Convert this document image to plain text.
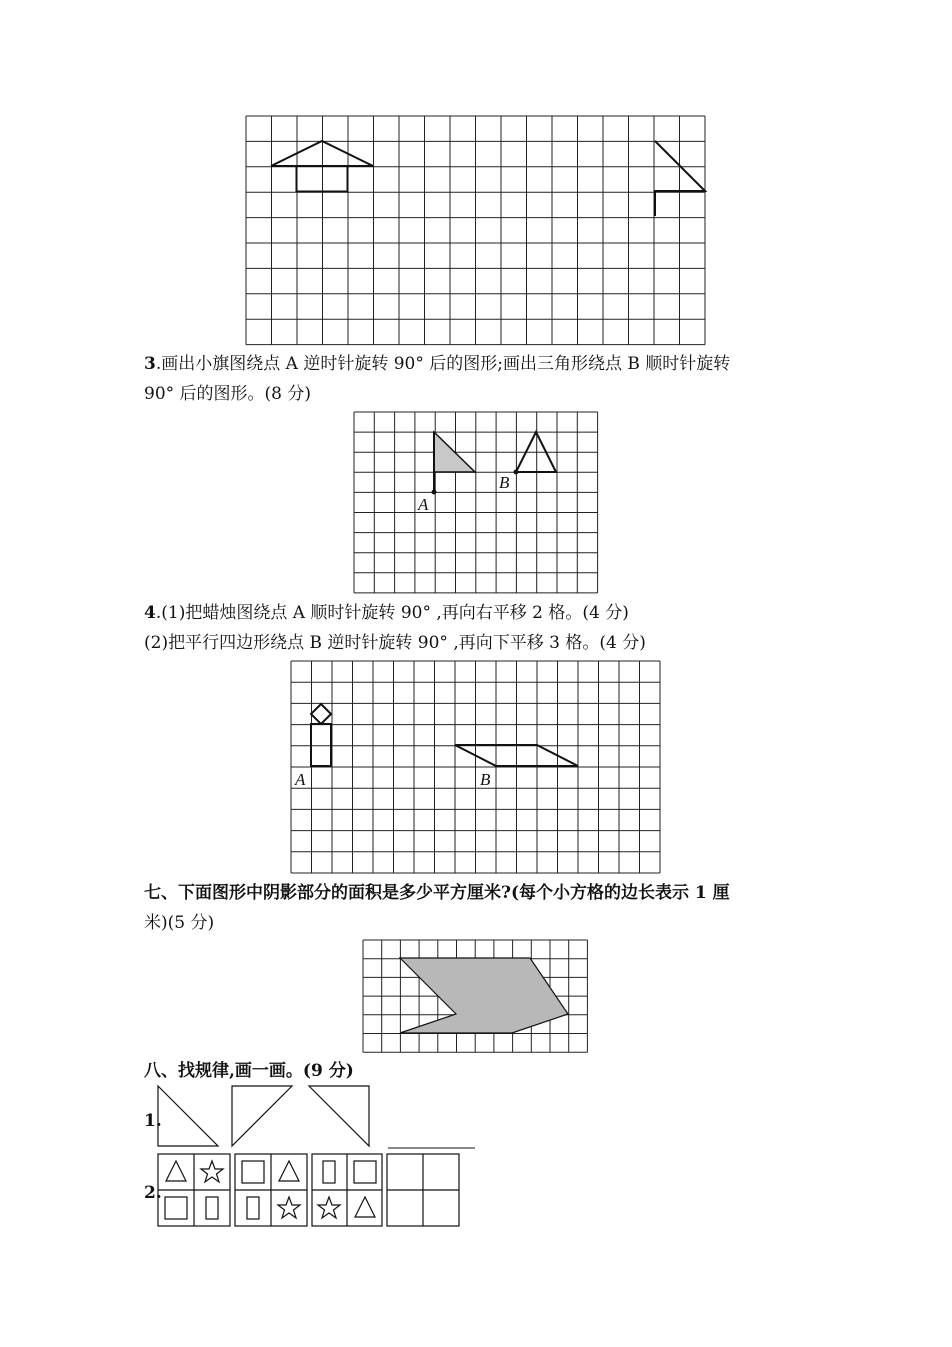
3.画出小旗图绕点 A 逆时针旋转 90° 后的图形;画出三角形绕点 B 顺时针旋转
90° 后的图形。(8 分)
A
B
4.(1)把蜡烛图绕点 A 顺时针旋转 90° ,再向右平移 2 格。(4 分)
(2)把平行四边形绕点 B 逆时针旋转 90° ,再向下平移 3 格。(4 分)
A	B
七、下面图形中阴影部分的面积是多少平方厘米?(每个小方格的边长表示 1 厘
米)(5 分)
八、找规律,画一画。(9 分)
1.
2.
